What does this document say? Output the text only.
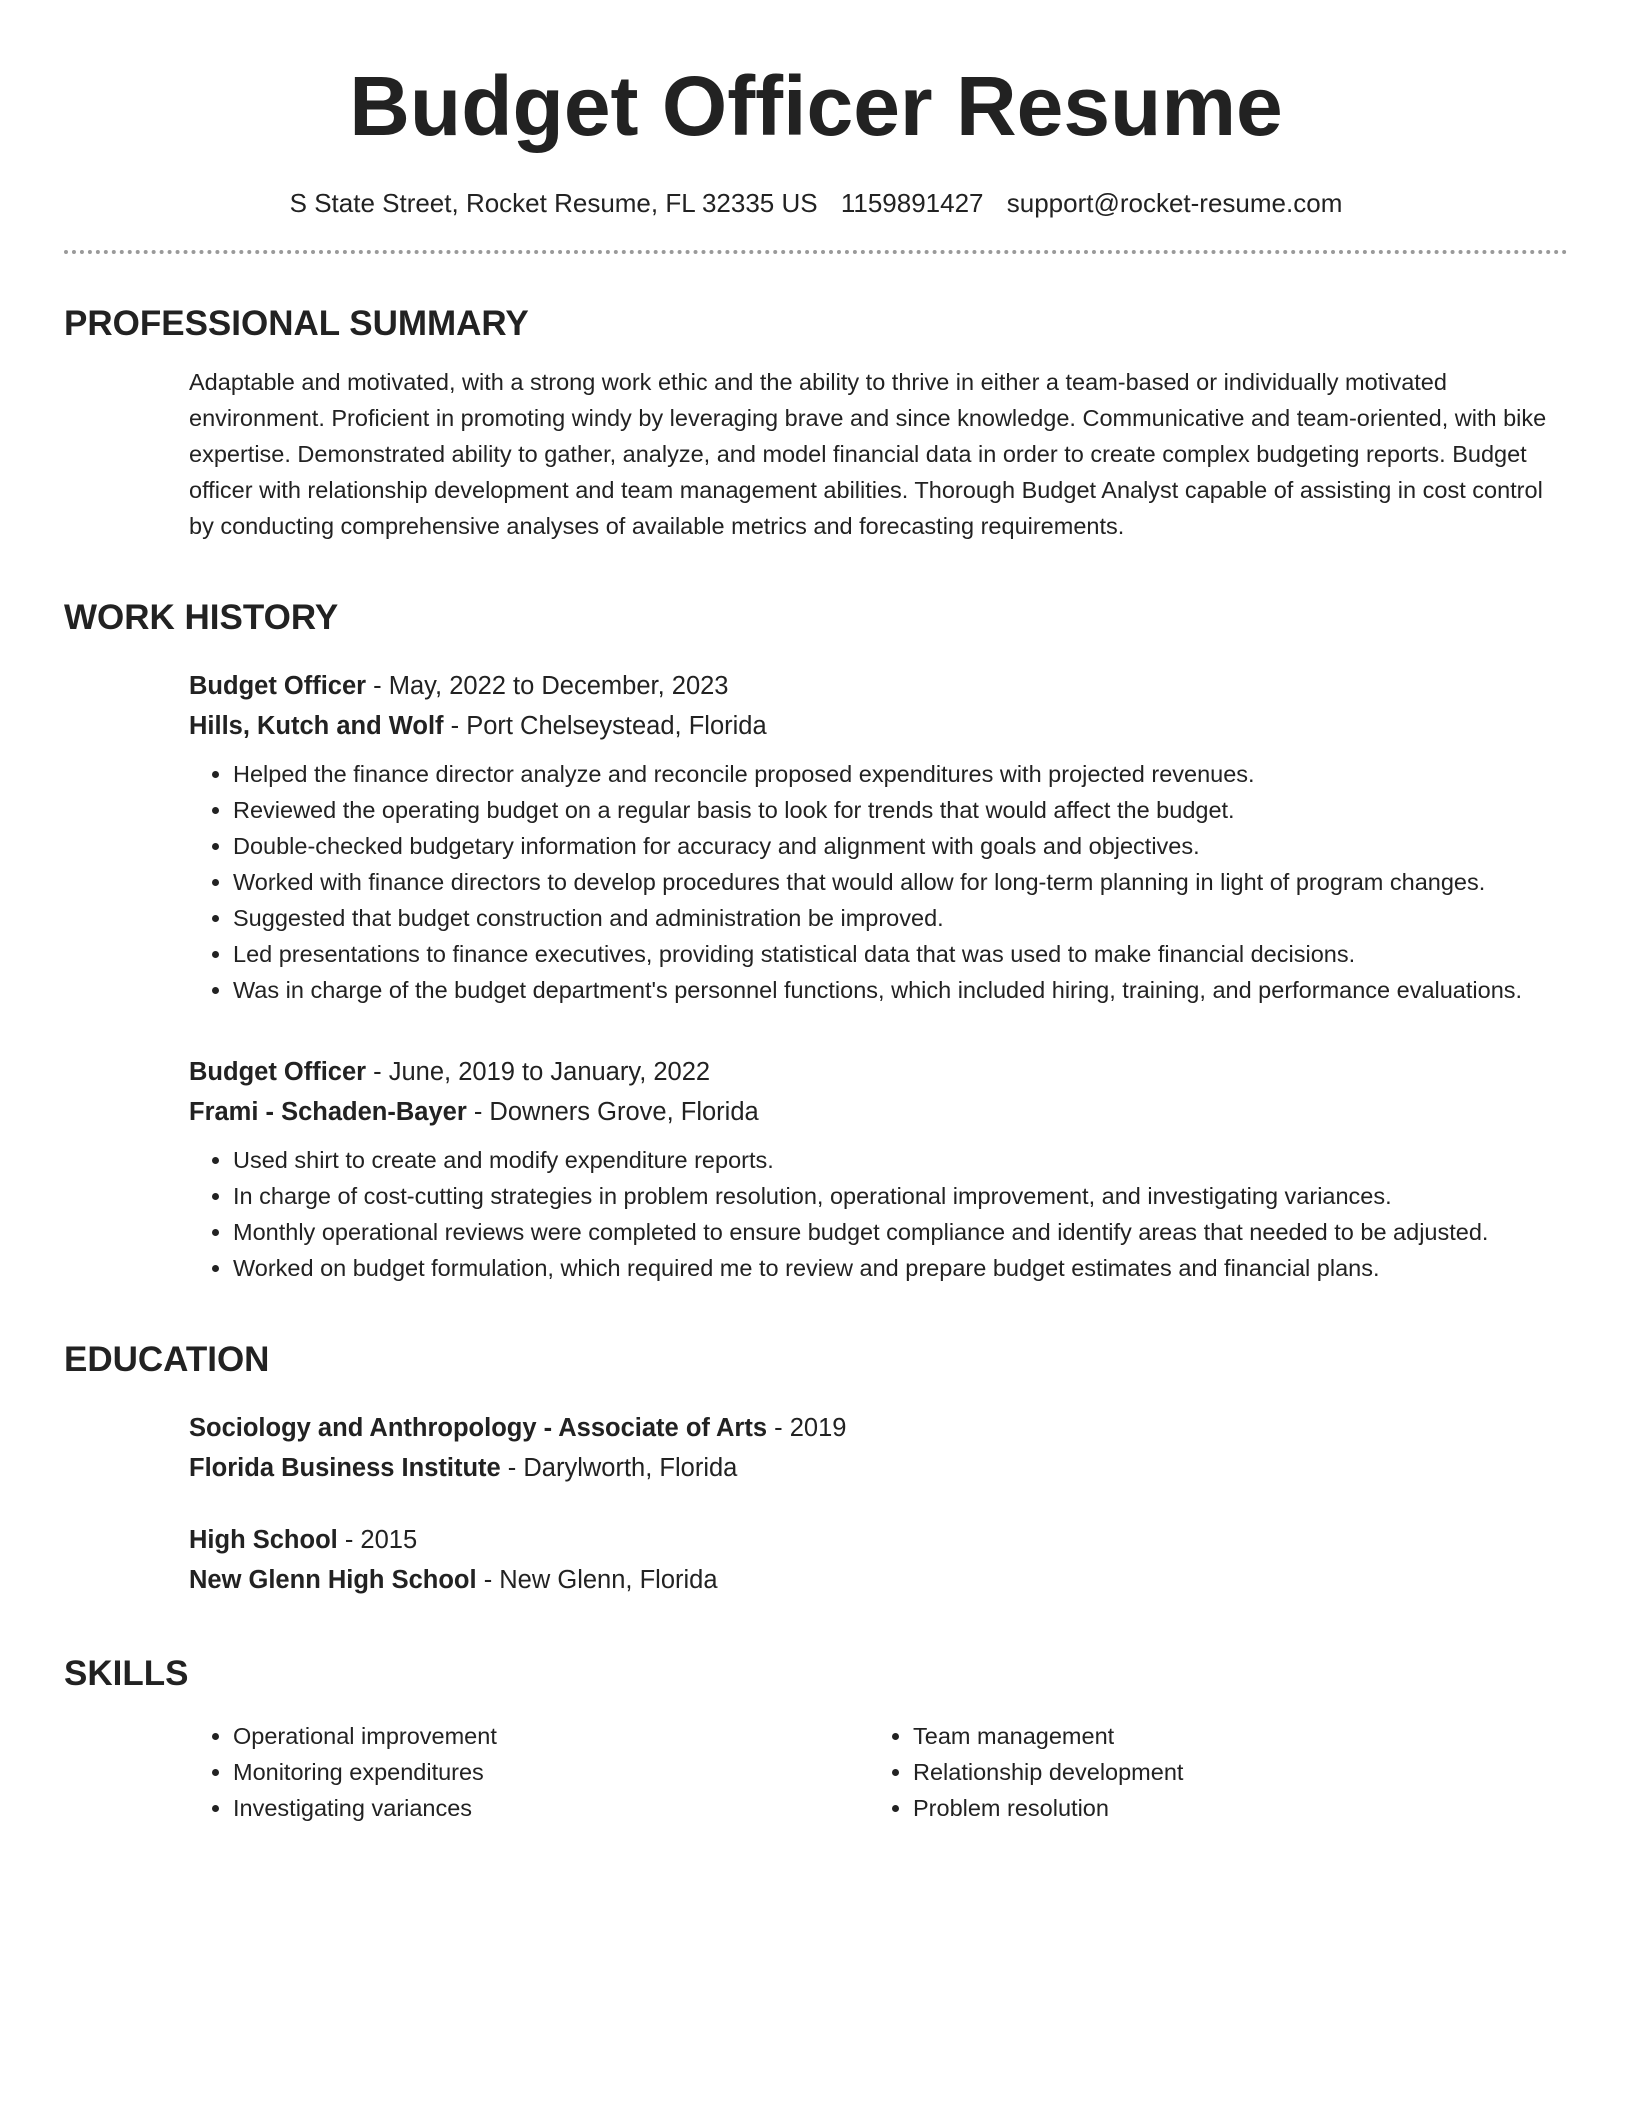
Budget Officer Resume
S State Street, Rocket Resume, FL 32335 US 1159891427 support@rocket-resume.com
PROFESSIONAL SUMMARY

Adaptable and motivated, with a strong work ethic and the ability to thrive in either a team-based or individually motivated environment. Proficient in promoting windy by leveraging brave and since knowledge. Communicative and team-oriented, with bike expertise. Demonstrated ability to gather, analyze, and model financial data in order to create complex budgeting reports. Budget officer with relationship development and team management abilities. Thorough Budget Analyst capable of assisting in cost control by conducting comprehensive analyses of available metrics and forecasting requirements.

WORK HISTORY
Budget Officer - May, 2022 to December, 2023
Hills, Kutch and Wolf - Port Chelseystead, Florida
• Helped the finance director analyze and reconcile proposed expenditures with projected revenues.
• Reviewed the operating budget on a regular basis to look for trends that would affect the budget.
• Double-checked budgetary information for accuracy and alignment with goals and objectives.
• Worked with finance directors to develop procedures that would allow for long-term planning in light of program changes.
• Suggested that budget construction and administration be improved.
• Led presentations to finance executives, providing statistical data that was used to make financial decisions.
• Was in charge of the budget department's personnel functions, which included hiring, training, and performance evaluations.
Budget Officer - June, 2019 to January, 2022
Frami - Schaden-Bayer - Downers Grove, Florida
• Used shirt to create and modify expenditure reports.
• In charge of cost-cutting strategies in problem resolution, operational improvement, and investigating variances.
• Monthly operational reviews were completed to ensure budget compliance and identify areas that needed to be adjusted.
• Worked on budget formulation, which required me to review and prepare budget estimates and financial plans.
EDUCATION
Sociology and Anthropology - Associate of Arts - 2019
Florida Business Institute - Darylworth, Florida
High School - 2015
New Glenn High School - New Glenn, Florida
SKILLS
• Operational improvement
• Monitoring expenditures
• Investigating variances
• Team management
• Relationship development
• Problem resolution
